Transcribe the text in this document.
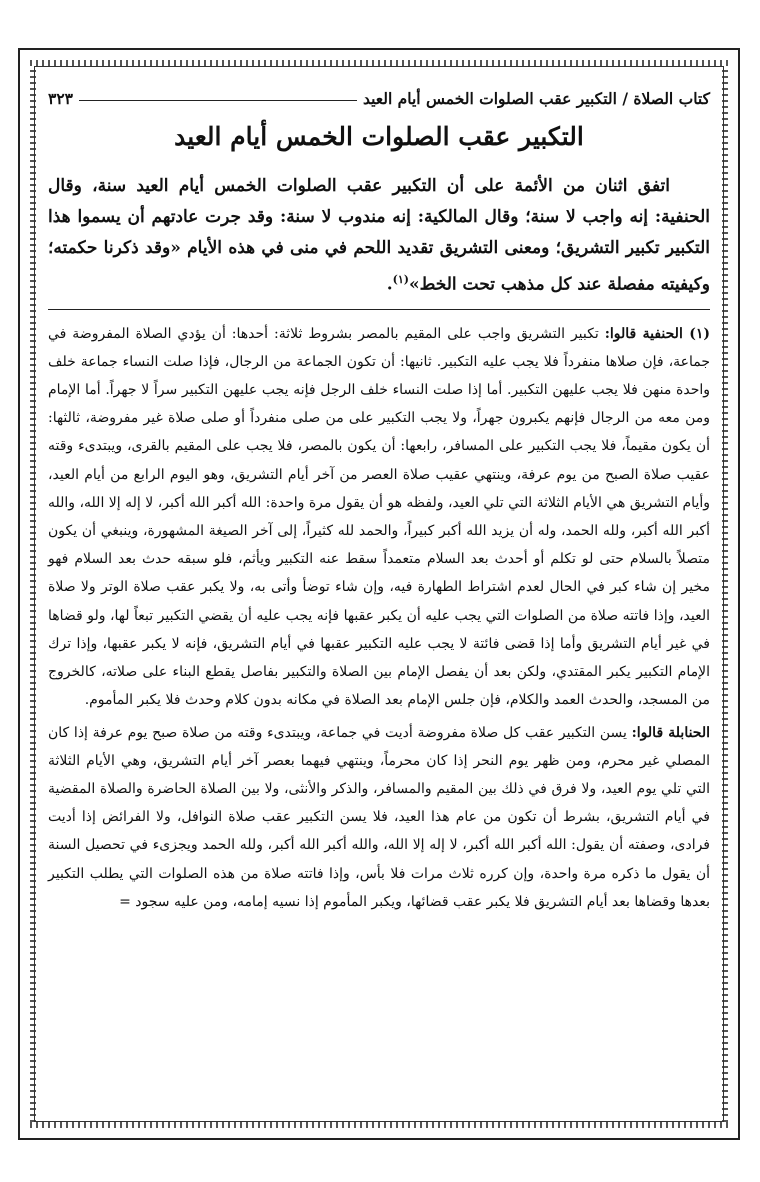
كتاب الصلاة / التكبير عقب الصلوات الخمس أيام العيد
٣٢٣
التكبير عقب الصلوات الخمس أيام العيد

اتفق اثنان من الأئمة على أن التكبير عقب الصلوات الخمس أيام العيد سنة، وقال الحنفية: إنه واجب لا سنة؛ وقال المالكية: إنه مندوب لا سنة: وقد جرت عادتهم أن يسموا هذا التكبير تكبير التشريق؛ ومعنى التشريق تقديد اللحم في منى في هذه الأيام «وقد ذكرنا حكمته؛ وكيفيته مفصلة عند كل مذهب تحت الخط»$^{(١)}$.

(١) الحنفية قالوا: تكبير التشريق واجب على المقيم بالمصر بشروط ثلاثة: أحدها: أن يؤدي الصلاة المفروضة في جماعة، فإن صلاها منفرداً فلا يجب عليه التكبير. ثانيها: أن تكون الجماعة من الرجال، فإذا صلت النساء جماعة خلف واحدة منهن فلا يجب عليهن التكبير. أما إذا صلت النساء خلف الرجل فإنه يجب عليهن التكبير سراً لا جهراً. أما الإمام ومن معه من الرجال فإنهم يكبرون جهراً، ولا يجب التكبير على من صلى منفرداً أو صلى صلاة غير مفروضة، ثالثها: أن يكون مقيماً، فلا يجب التكبير على المسافر، رابعها: أن يكون بالمصر، فلا يجب على المقيم بالقرى، ويبتدىء وقته عقيب صلاة الصبح من يوم عرفة، وينتهي عقيب صلاة العصر من آخر أيام التشريق، وهو اليوم الرابع من أيام العيد، وأيام التشريق هي الأيام الثلاثة التي تلي العيد، ولفظه هو أن يقول مرة واحدة: الله أكبر الله أكبر، لا إله إلا الله، والله أكبر الله أكبر، ولله الحمد، وله أن يزيد الله أكبر كبيراً، والحمد لله كثيراً، إلى آخر الصيغة المشهورة، وينبغي أن يكون متصلاً بالسلام حتى لو تكلم أو أحدث بعد السلام متعمداً سقط عنه التكبير ويأثم، فلو سبقه حدث بعد السلام فهو مخير إن شاء كبر في الحال لعدم اشتراط الطهارة فيه، وإن شاء توضأ وأتى به، ولا يكبر عقب صلاة الوتر ولا صلاة العيد، وإذا فاتته صلاة من الصلوات التي يجب عليه أن يكبر عقبها فإنه يجب عليه أن يقضي التكبير تبعاً لها، ولو قضاها في غير أيام التشريق وأما إذا قضى فائتة لا يجب عليه التكبير عقبها في أيام التشريق، فإنه لا يكبر عقبها، وإذا ترك الإمام التكبير يكبر المقتدي، ولكن بعد أن يفصل الإمام بين الصلاة والتكبير بفاصل يقطع البناء على صلاته، كالخروج من المسجد، والحدث العمد والكلام، فإن جلس الإمام بعد الصلاة في مكانه بدون كلام وحدث فلا يكبر المأموم.

الحنابلة قالوا: يسن التكبير عقب كل صلاة مفروضة أديت في جماعة، ويبتدىء وقته من صلاة صبح يوم عرفة إذا كان المصلي غير محرم، ومن ظهر يوم النحر إذا كان محرماً، وينتهي فيهما بعصر آخر أيام التشريق، وهي الأيام الثلاثة التي تلي يوم العيد، ولا فرق في ذلك بين المقيم والمسافر، والذكر والأنثى، ولا بين الصلاة الحاضرة والصلاة المقضية في أيام التشريق، بشرط أن تكون من عام هذا العيد، فلا يسن التكبير عقب صلاة النوافل، ولا الفرائض إذا أديت فرادى، وصفته أن يقول: الله أكبر الله أكبر، لا إله إلا الله، والله أكبر الله أكبر، ولله الحمد ويجزىء في تحصيل السنة أن يقول ما ذكره مرة واحدة، وإن كرره ثلاث مرات فلا بأس، وإذا فاتته صلاة من هذه الصلوات التي يطلب التكبير بعدها وقضاها بعد أيام التشريق فلا يكبر عقب قضائها، ويكبر المأموم إذا نسيه إمامه، ومن عليه سجود =
